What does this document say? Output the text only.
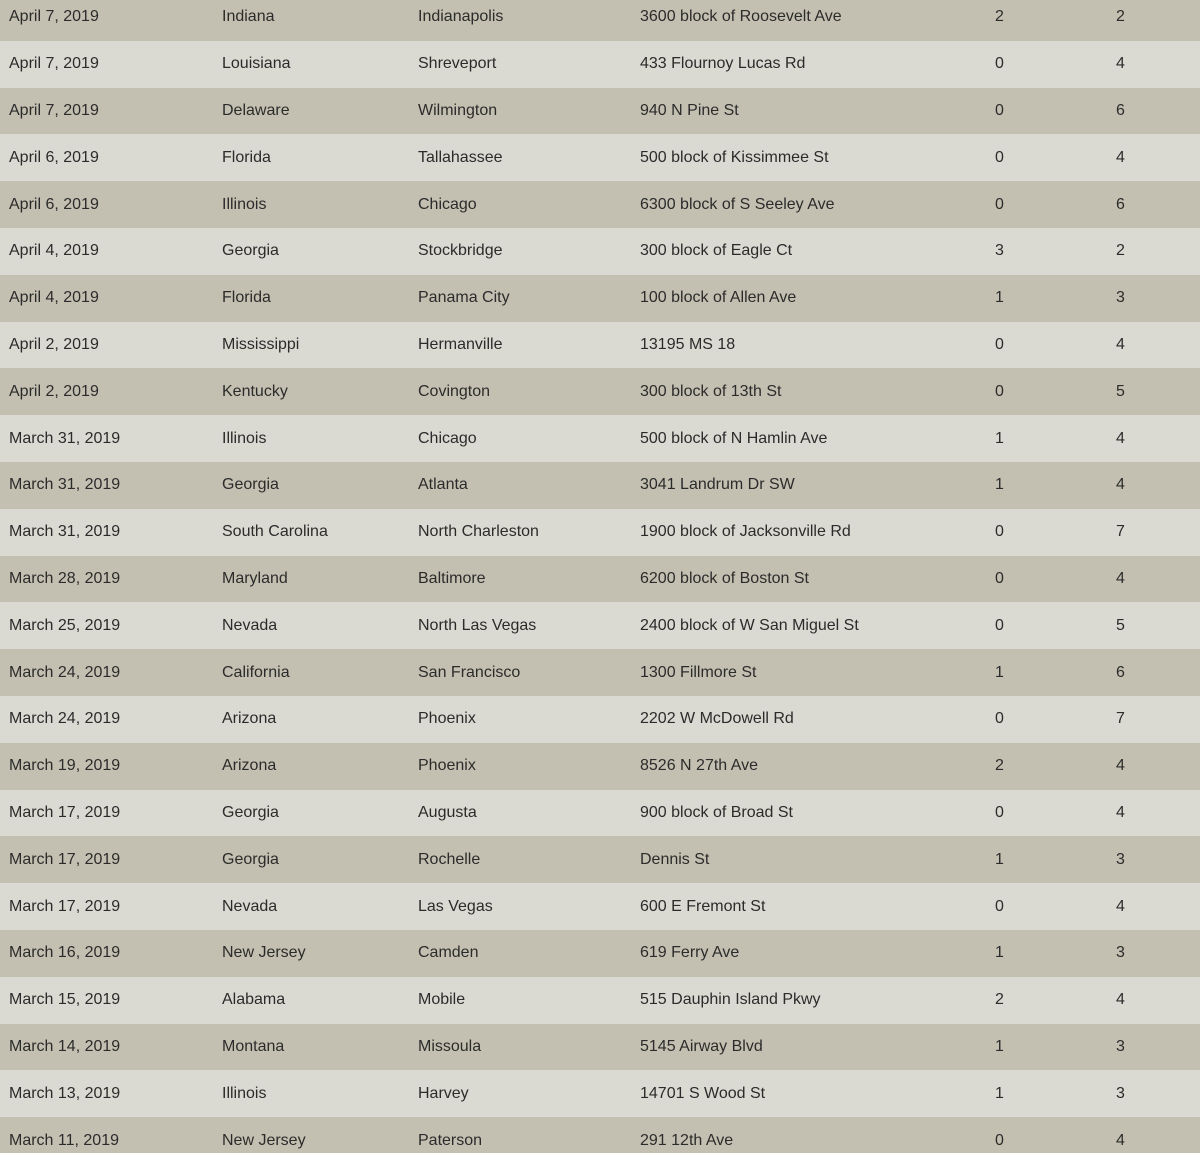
April 7, 2019	Indiana	Indianapolis	3600 block of Roosevelt Ave	2	2
April 7, 2019	Louisiana	Shreveport	433 Flournoy Lucas Rd	0	4
April 7, 2019	Delaware	Wilmington	940 N Pine St	0	6
April 6, 2019	Florida	Tallahassee	500 block of Kissimmee St	0	4
April 6, 2019	Illinois	Chicago	6300 block of S Seeley Ave	0	6
April 4, 2019	Georgia	Stockbridge	300 block of Eagle Ct	3	2
April 4, 2019	Florida	Panama City	100 block of Allen Ave	1	3
April 2, 2019	Mississippi	Hermanville	13195 MS 18	0	4
April 2, 2019	Kentucky	Covington	300 block of 13th St	0	5
March 31, 2019	Illinois	Chicago	500 block of N Hamlin Ave	1	4
March 31, 2019	Georgia	Atlanta	3041 Landrum Dr SW	1	4
March 31, 2019	South Carolina	North Charleston	1900 block of Jacksonville Rd	0	7
March 28, 2019	Maryland	Baltimore	6200 block of Boston St	0	4
March 25, 2019	Nevada	North Las Vegas	2400 block of W San Miguel St	0	5
March 24, 2019	California	San Francisco	1300 Fillmore St	1	6
March 24, 2019	Arizona	Phoenix	2202 W McDowell Rd	0	7
March 19, 2019	Arizona	Phoenix	8526 N 27th Ave	2	4
March 17, 2019	Georgia	Augusta	900 block of Broad St	0	4
March 17, 2019	Georgia	Rochelle	Dennis St	1	3
March 17, 2019	Nevada	Las Vegas	600 E Fremont St	0	4
March 16, 2019	New Jersey	Camden	619 Ferry Ave	1	3
March 15, 2019	Alabama	Mobile	515 Dauphin Island Pkwy	2	4
March 14, 2019	Montana	Missoula	5145 Airway Blvd	1	3
March 13, 2019	Illinois	Harvey	14701 S Wood St	1	3
March 11, 2019	New Jersey	Paterson	291 12th Ave	0	4
